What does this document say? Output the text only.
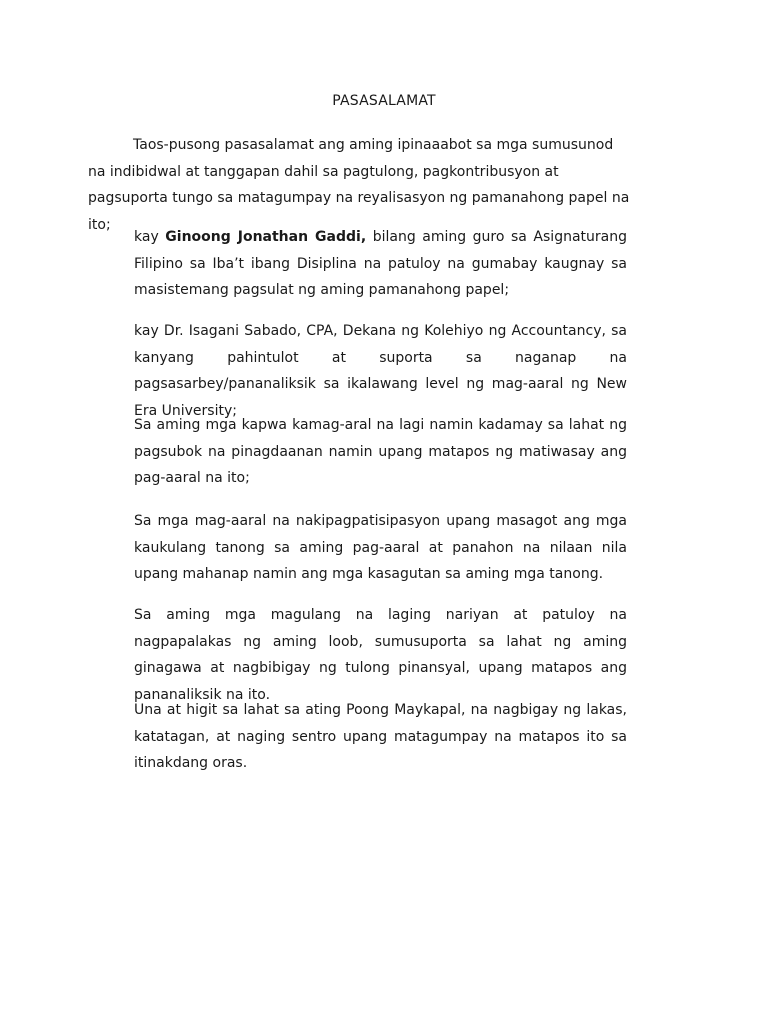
PASASALAMAT

Taos-pusong pasasalamat ang aming ipinaaabot sa mga sumusunod na indibidwal at tanggapan dahil sa pagtulong, pagkontribusyon at pagsuporta tungo sa matagumpay na reyalisasyon ng pamanahong papel na ito;

kay Ginoong Jonathan Gaddi, bilang aming guro sa Asignaturang Filipino sa Iba’t ibang Disiplina na patuloy na gumabay kaugnay sa masistemang pagsulat ng aming pamanahong papel;

kay Dr. Isagani Sabado, CPA, Dekana ng Kolehiyo ng Accountancy, sa kanyang pahintulot at suporta sa naganap na pagsasarbey/pananaliksik sa ikalawang level ng mag-aaral ng New Era University;

Sa aming mga kapwa kamag-aral na lagi namin kadamay sa lahat ng pagsubok na pinagdaanan namin upang matapos ng matiwasay ang pag-aaral na ito;

Sa mga mag-aaral na nakipagpatisipasyon upang masagot ang mga kaukulang tanong sa aming pag-aaral at panahon na nilaan nila upang mahanap namin ang mga kasagutan sa aming mga tanong.

Sa aming mga magulang na laging nariyan at patuloy na nagpapalakas ng aming loob, sumusuporta sa lahat ng aming ginagawa at nagbibigay ng tulong pinansyal, upang matapos ang pananaliksik na ito.

Una at higit sa lahat sa ating Poong Maykapal, na nagbigay ng lakas, katatagan, at naging sentro upang matagumpay na matapos ito sa itinakdang oras.
